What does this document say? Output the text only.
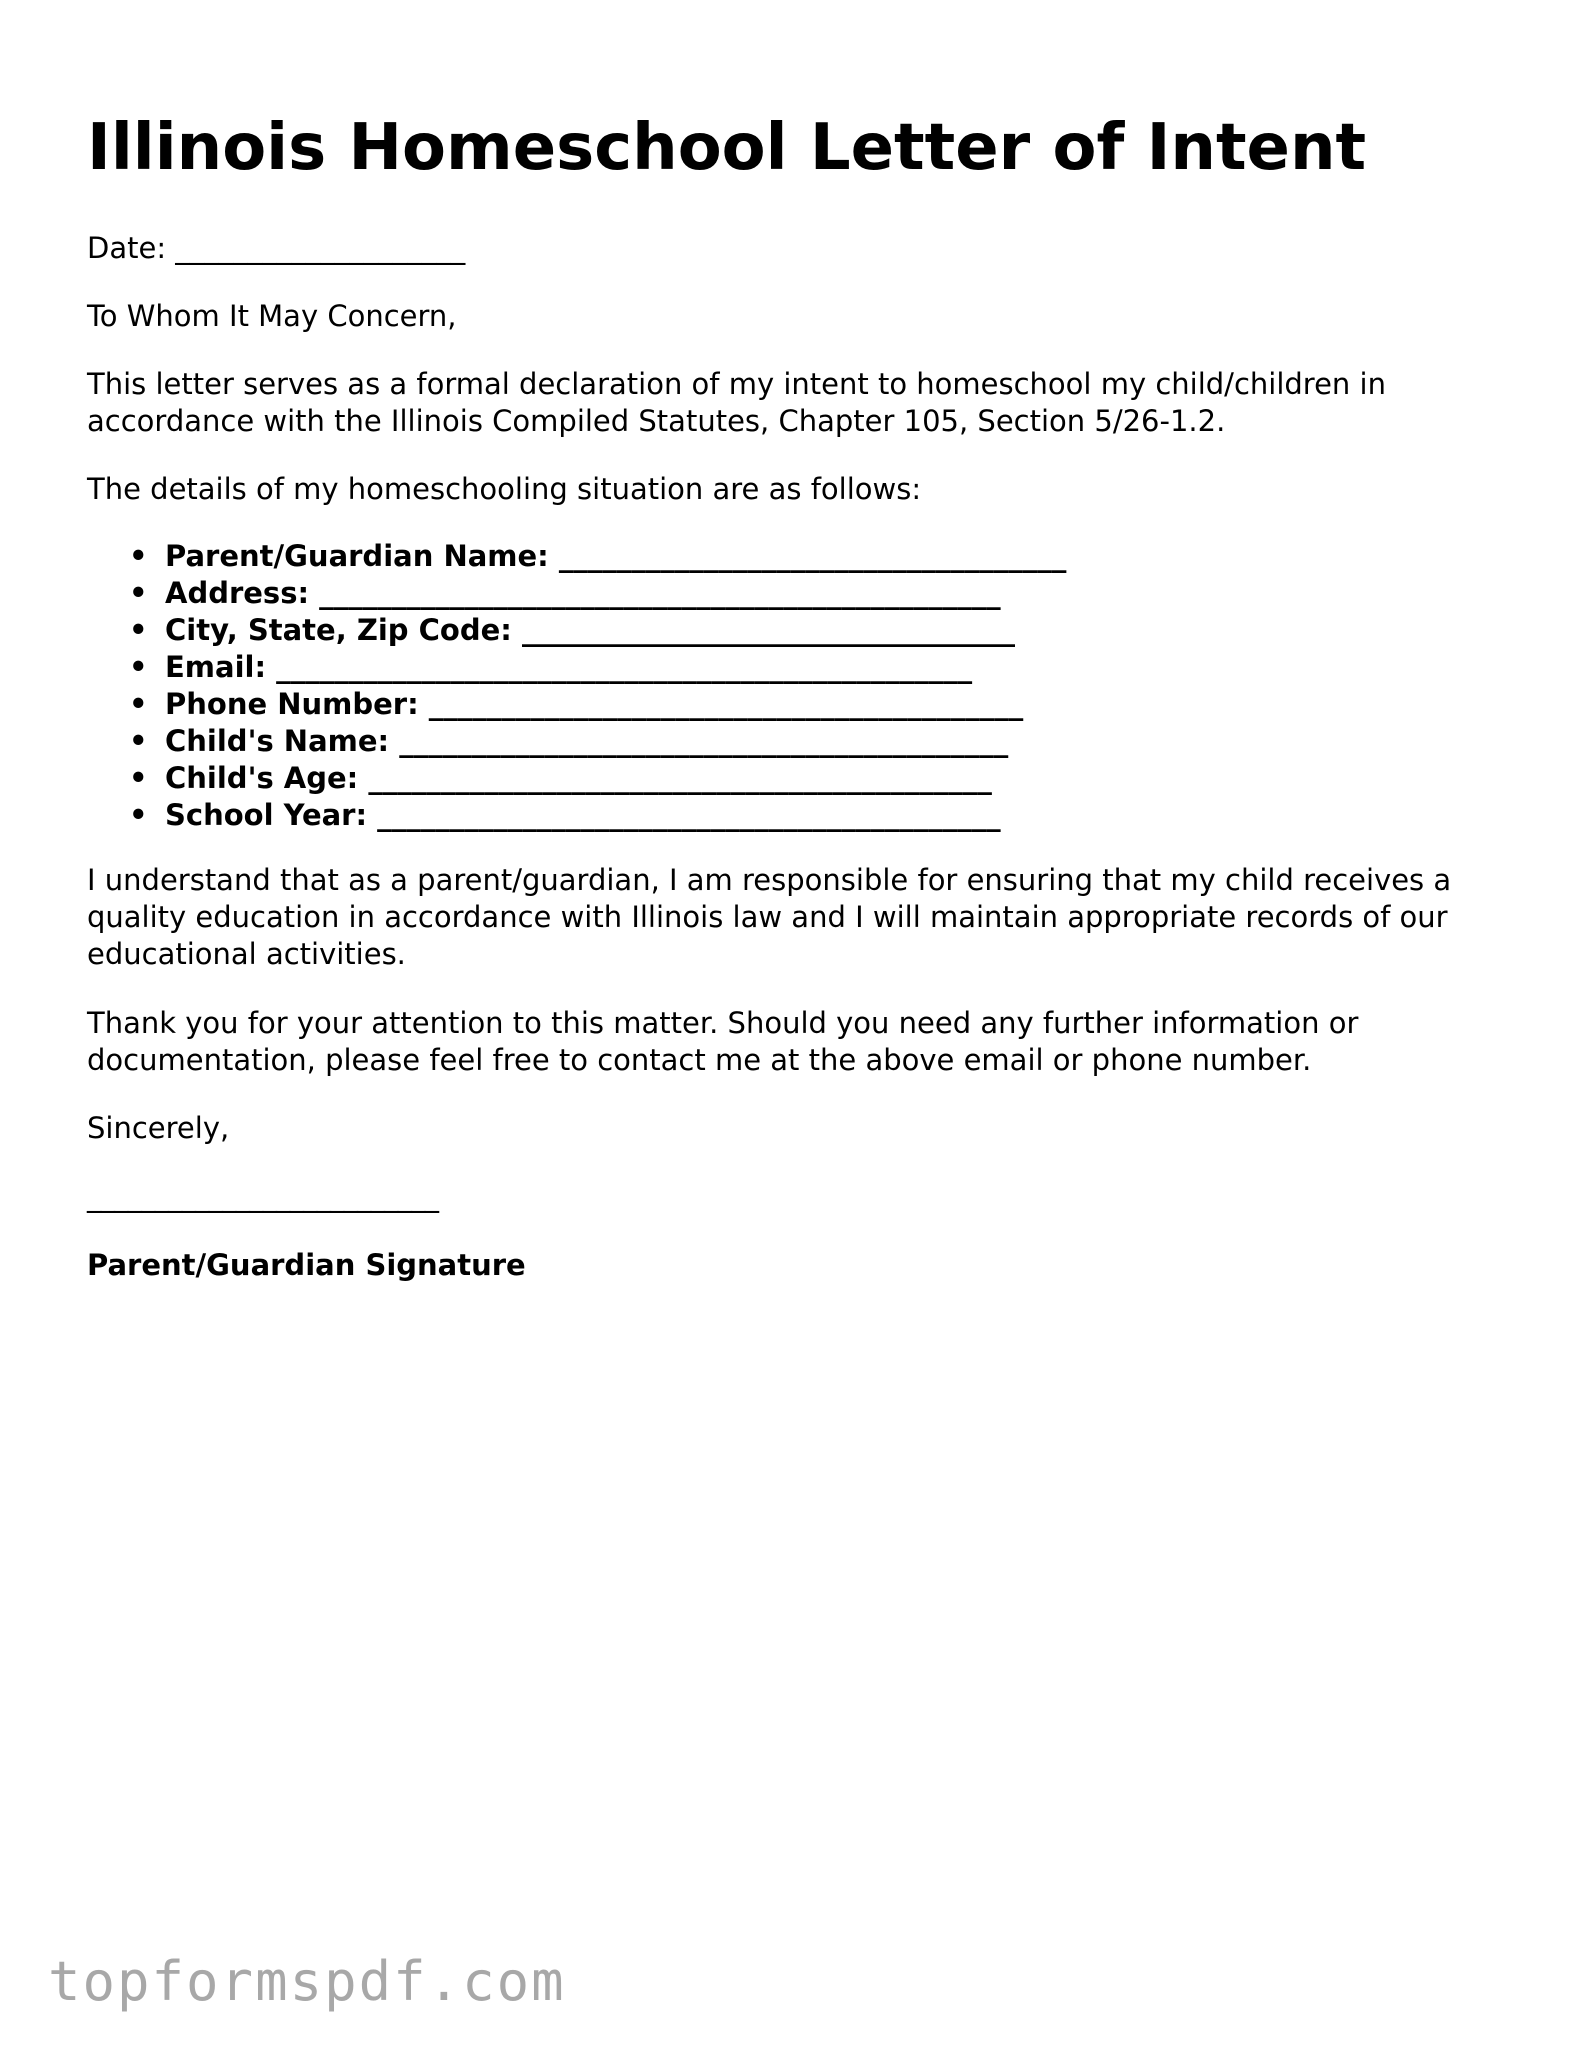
Illinois Homeschool Letter of Intent

Date: ____________________

To Whom It May Concern,

This letter serves as a formal declaration of my intent to homeschool my child/children in accordance with the Illinois Compiled Statutes, Chapter 105, Section 5/26-1.2.

The details of my homeschooling situation are as follows:

• Parent/Guardian Name: ___________________________________
• Address: _______________________________________________
• City, State, Zip Code: __________________________________
• Email: ________________________________________________
• Phone Number: _________________________________________
• Child's Name: __________________________________________
• Child's Age: ___________________________________________
• School Year: ___________________________________________

I understand that as a parent/guardian, I am responsible for ensuring that my child receives a quality education in accordance with Illinois law and I will maintain appropriate records of our educational activities.

Thank you for your attention to this matter. Should you need any further information or documentation, please feel free to contact me at the above email or phone number.

Sincerely,

__________________________

Parent/Guardian Signature

topformspdf.com
